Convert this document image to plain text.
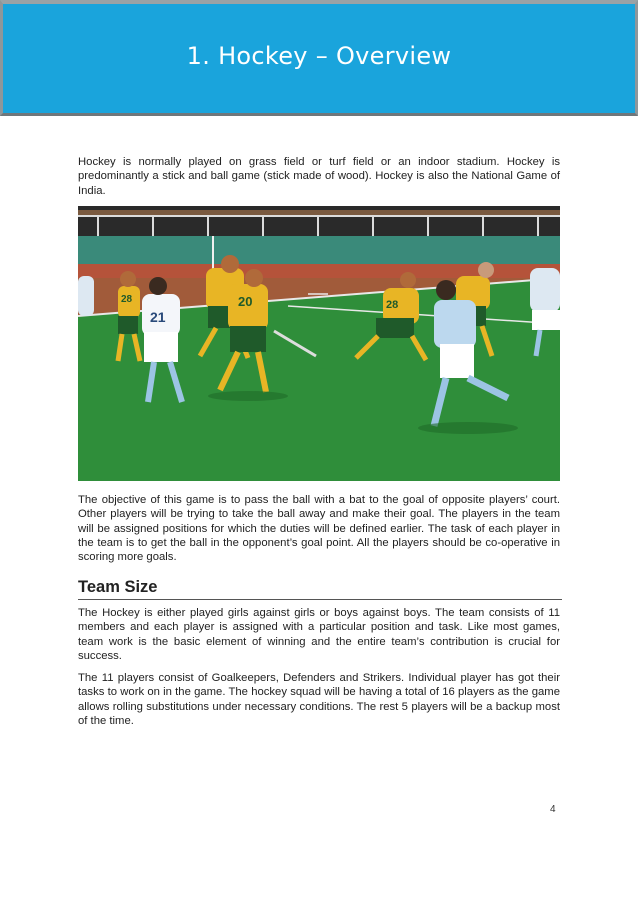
1. Hockey – Overview

Hockey is normally played on grass field or turf field or an indoor stadium. Hockey is predominantly a stick and ball game (stick made of wood). Hockey is also the National Game of India.

28	20	28
21

The objective of this game is to pass the ball with a bat to the goal of opposite players’ court. Other players will be trying to take the ball away and make their goal. The players in the team will be assigned positions for which the duties will be defined earlier. The task of each player in the team is to get the ball in the opponent’s goal point. All the players should be co-operative in scoring more goals.

Team Size

The Hockey is either played girls against girls or boys against boys. The team consists of 11 members and each player is assigned with a particular position and task. Like most games, team work is the basic element of winning and the entire team’s contribution is crucial for success.

The 11 players consist of Goalkeepers, Defenders and Strikers. Individual player has got their tasks to work on in the game. The hockey squad will be having a total of 16 players as the game allows rolling substitutions under necessary conditions. The rest 5 players will be a backup most of the time.

4
